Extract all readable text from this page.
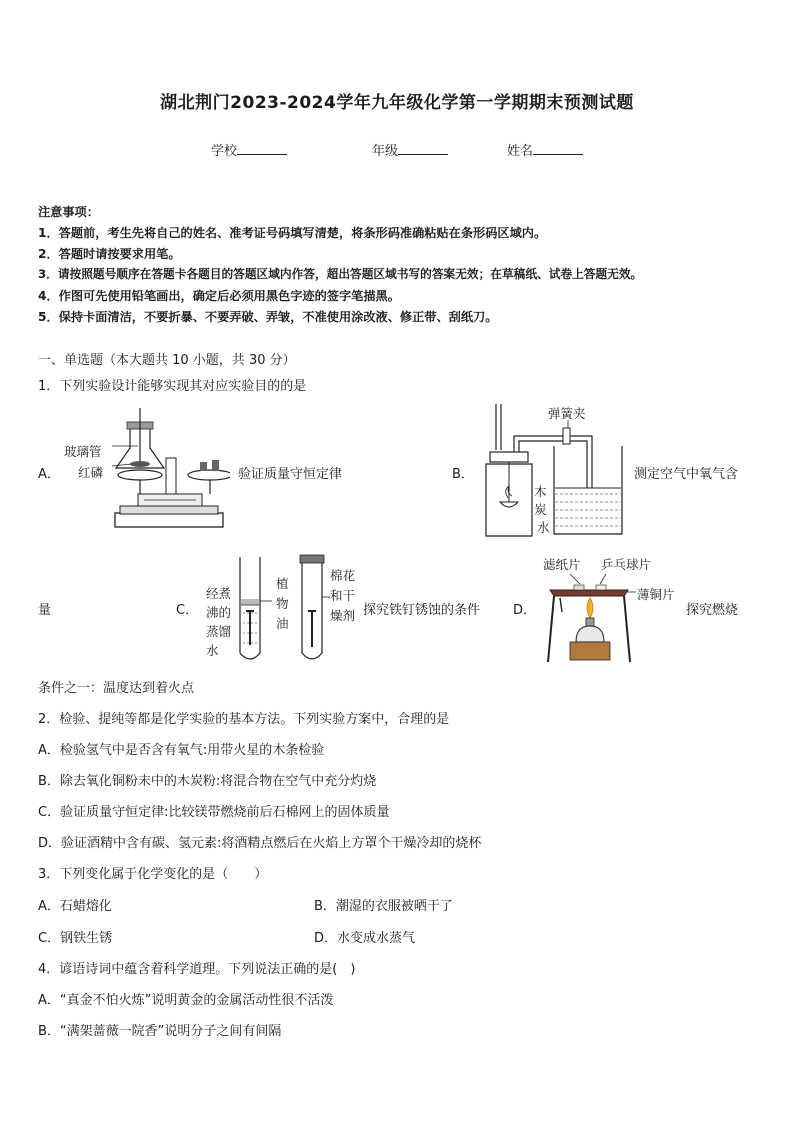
湖北荆门2023-2024学年九年级化学第一学期期末预测试题
学校	年级	姓名
注意事项：
1．答题前，考生先将自己的姓名、准考证号码填写清楚，将条形码准确粘贴在条形码区域内。
2．答题时请按要求用笔。
3．请按照题号顺序在答题卡各题目的答题区域内作答，超出答题区域书写的答案无效；在草稿纸、试卷上答题无效。
4．作图可先使用铅笔画出，确定后必须用黑色字迹的签字笔描黑。
5．保持卡面清洁，不要折暴、不要弄破、弄皱，不准使用涂改液、修正带、刮纸刀。
一、单选题（本大题共 10 小题，共 30 分）
1．下列实验设计能够实现其对应实验目的的是
A．
玻璃管
红磷	验证质量守恒定律	B．
弹簧夹
木
炭
水
测定空气中氧气含
量	C．
经煮
沸的
蒸馏
水
植
物
油
棉花
和干
燥剂 探究铁钉锈蚀的条件	D．
滤纸片 乒乓球片
薄铜片
探究燃烧
条件之一：温度达到着火点
2．检验、提纯等都是化学实验的基本方法。下列实验方案中，合理的是
A．检验氢气中是否含有氧气:用带火星的木条检验
B．除去氧化铜粉末中的木炭粉:将混合物在空气中充分灼烧
C．验证质量守恒定律:比较镁带燃烧前后石棉网上的固体质量
D．验证酒精中含有碳、氢元素:将酒精点燃后在火焰上方罩个干燥冷却的烧杯
3．下列变化属于化学变化的是（　　）
A．石蜡熔化	B．潮湿的衣服被晒干了
C．钢铁生锈	D．水变成水蒸气
4．谚语诗词中蕴含着科学道理。下列说法正确的是(　)
A．“真金不怕火炼”说明黄金的金属活动性很不活泼
B．“满架蔷薇一院香”说明分子之间有间隔
